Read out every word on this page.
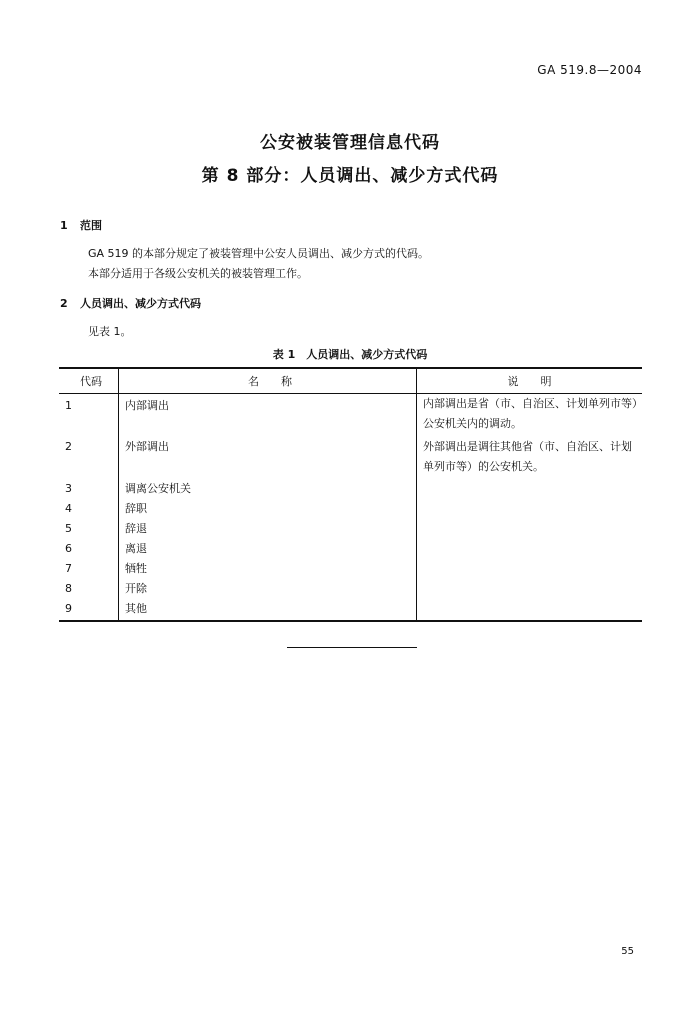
GA 519.8—2004
公安被装管理信息代码
第 8 部分：人员调出、减少方式代码
1 范围
GA 519 的本部分规定了被装管理中公安人员调出、减少方式的代码。
本部分适用于各级公安机关的被装管理工作。
2 人员调出、减少方式代码
见表 1。
表 1　人员调出、减少方式代码
代码	名　　称	说　　明
1	内部调出	内部调出是省（市、自治区、计划单列市等）公安机关内的调动。
2	外部调出	外部调出是调往其他省（市、自治区、计划单列市等）的公安机关。
3	调离公安机关	
4	辞职	
5	辞退	
6	离退	
7	牺牲	
8	开除	
9	其他	
55
